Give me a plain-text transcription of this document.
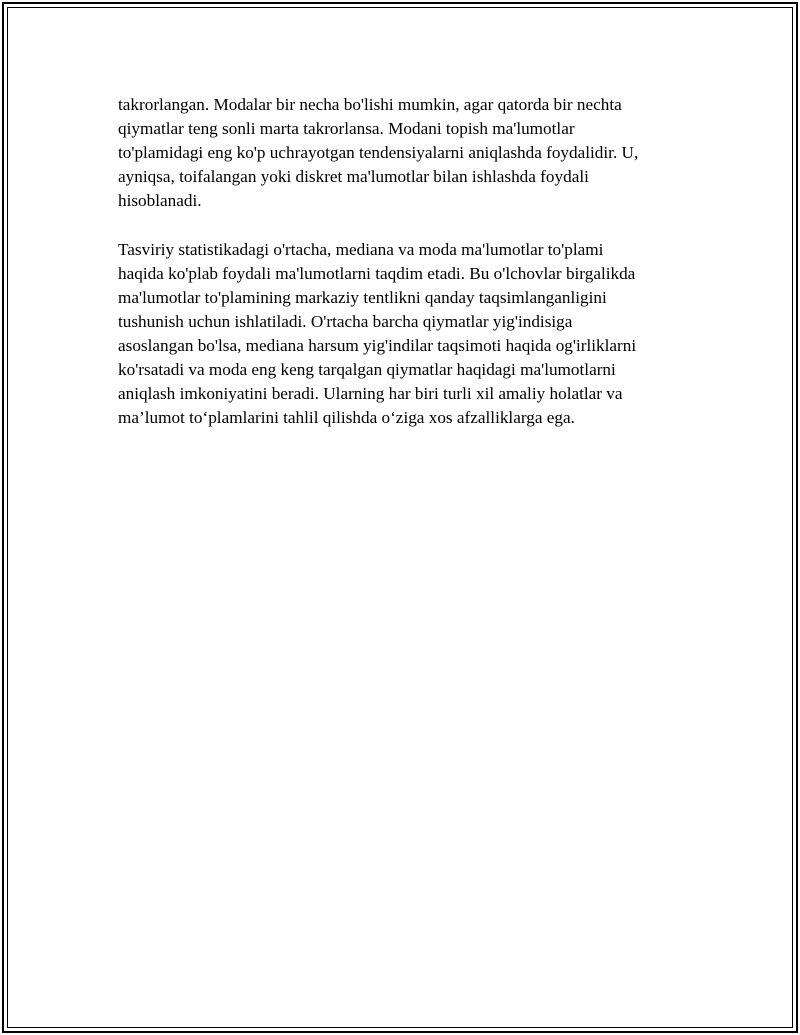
takrorlangan. Modalar bir necha bo'lishi mumkin, agar qatorda bir nechta

qiymatlar teng sonli marta takrorlansa. Modani topish ma'lumotlar

to'plamidagi eng ko'p uchrayotgan tendensiyalarni aniqlashda foydalidir. U,

ayniqsa, toifalangan yoki diskret ma'lumotlar bilan ishlashda foydali

hisoblanadi.

Tasviriy statistikadagi o'rtacha, mediana va moda ma'lumotlar to'plami

haqida ko'plab foydali ma'lumotlarni taqdim etadi. Bu o'lchovlar birgalikda

ma'lumotlar to'plamining markaziy tentlikni qanday taqsimlanganligini

tushunish uchun ishlatiladi. O'rtacha barcha qiymatlar yig'indisiga

asoslangan bo'lsa, mediana harsum yig'indilar taqsimoti haqida og'irliklarni

ko'rsatadi va moda eng keng tarqalgan qiymatlar haqidagi ma'lumotlarni

aniqlash imkoniyatini beradi. Ularning har biri turli xil amaliy holatlar va

ma’lumot to‘plamlarini tahlil qilishda o‘ziga xos afzalliklarga ega.
